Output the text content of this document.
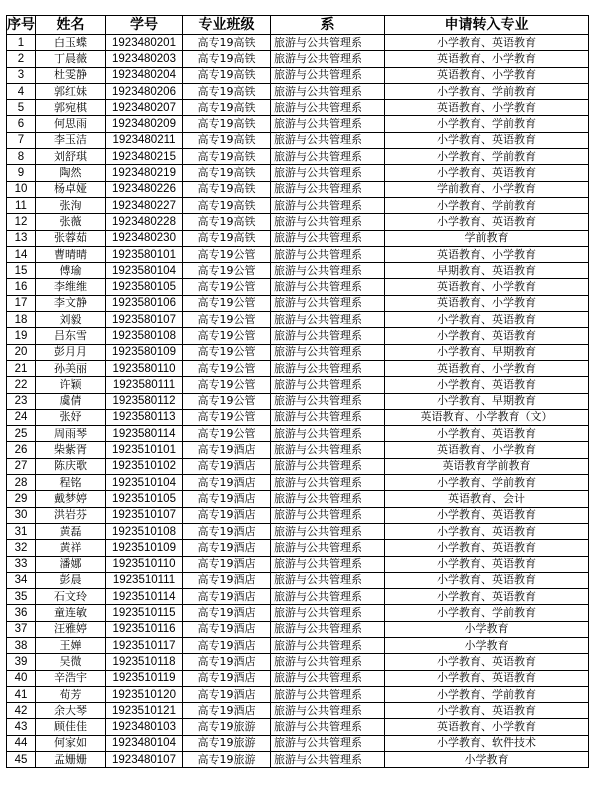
序号	姓名	学号	专业班级	系	申请转入专业
1	白玉蝶	1923480201	高专19高铁	旅游与公共管理系	小学教育、英语教育
2	丁晨薇	1923480203	高专19高铁	旅游与公共管理系	英语教育、小学教育
3	杜雯静	1923480204	高专19高铁	旅游与公共管理系	英语教育、小学教育
4	郭红妹	1923480206	高专19高铁	旅游与公共管理系	小学教育、学前教育
5	郭宛棋	1923480207	高专19高铁	旅游与公共管理系	英语教育、小学教育
6	何思雨	1923480209	高专19高铁	旅游与公共管理系	小学教育、学前教育
7	李玉洁	1923480211	高专19高铁	旅游与公共管理系	小学教育、英语教育
8	刘舒琪	1923480215	高专19高铁	旅游与公共管理系	小学教育、学前教育
9	陶然	1923480219	高专19高铁	旅游与公共管理系	小学教育、英语教育
10	杨卓娅	1923480226	高专19高铁	旅游与公共管理系	学前教育、小学教育
11	张洵	1923480227	高专19高铁	旅游与公共管理系	小学教育、学前教育
12	张薇	1923480228	高专19高铁	旅游与公共管理系	小学教育、英语教育
13	张蓉茹	1923480230	高专19高铁	旅游与公共管理系	学前教育
14	曹晴晴	1923580101	高专19公管	旅游与公共管理系	英语教育、小学教育
15	傅瑜	1923580104	高专19公管	旅游与公共管理系	早期教育、英语教育
16	李维维	1923580105	高专19公管	旅游与公共管理系	英语教育、小学教育
17	李文静	1923580106	高专19公管	旅游与公共管理系	英语教育、小学教育
18	刘毅	1923580107	高专19公管	旅游与公共管理系	小学教育、英语教育
19	吕东雪	1923580108	高专19公管	旅游与公共管理系	小学教育、英语教育
20	彭月月	1923580109	高专19公管	旅游与公共管理系	小学教育、早期教育
21	孙美丽	1923580110	高专19公管	旅游与公共管理系	英语教育、小学教育
22	许颖	1923580111	高专19公管	旅游与公共管理系	小学教育、英语教育
23	虞倩	1923580112	高专19公管	旅游与公共管理系	小学教育、早期教育
24	张妤	1923580113	高专19公管	旅游与公共管理系	英语教育、小学教育（文）
25	周雨琴	1923580114	高专19公管	旅游与公共管理系	小学教育、英语教育
26	柴紫胥	1923510101	高专19酒店	旅游与公共管理系	英语教育、小学教育
27	陈庆歌	1923510102	高专19酒店	旅游与公共管理系	英语教育学前教育
28	程铭	1923510104	高专19酒店	旅游与公共管理系	小学教育、学前教育
29	戴梦婷	1923510105	高专19酒店	旅游与公共管理系	英语教育、会计
30	洪岩芬	1923510107	高专19酒店	旅游与公共管理系	小学教育、英语教育
31	黄磊	1923510108	高专19酒店	旅游与公共管理系	小学教育、英语教育
32	黄祥	1923510109	高专19酒店	旅游与公共管理系	小学教育、英语教育
33	潘娜	1923510110	高专19酒店	旅游与公共管理系	小学教育、英语教育
34	彭晨	1923510111	高专19酒店	旅游与公共管理系	小学教育、英语教育
35	石文玲	1923510114	高专19酒店	旅游与公共管理系	小学教育、英语教育
36	童连敏	1923510115	高专19酒店	旅游与公共管理系	小学教育、学前教育
37	汪雅婷	1923510116	高专19酒店	旅游与公共管理系	小学教育
38	王婵	1923510117	高专19酒店	旅游与公共管理系	小学教育
39	吴微	1923510118	高专19酒店	旅游与公共管理系	小学教育、英语教育
40	辛浩宇	1923510119	高专19酒店	旅游与公共管理系	小学教育、英语教育
41	荀芳	1923510120	高专19酒店	旅游与公共管理系	小学教育、学前教育
42	余大琴	1923510121	高专19酒店	旅游与公共管理系	小学教育、英语教育
43	顾佳佳	1923480103	高专19旅游	旅游与公共管理系	英语教育、小学教育
44	何家如	1923480104	高专19旅游	旅游与公共管理系	小学教育、软件技术
45	孟姗姗	1923480107	高专19旅游	旅游与公共管理系	小学教育
